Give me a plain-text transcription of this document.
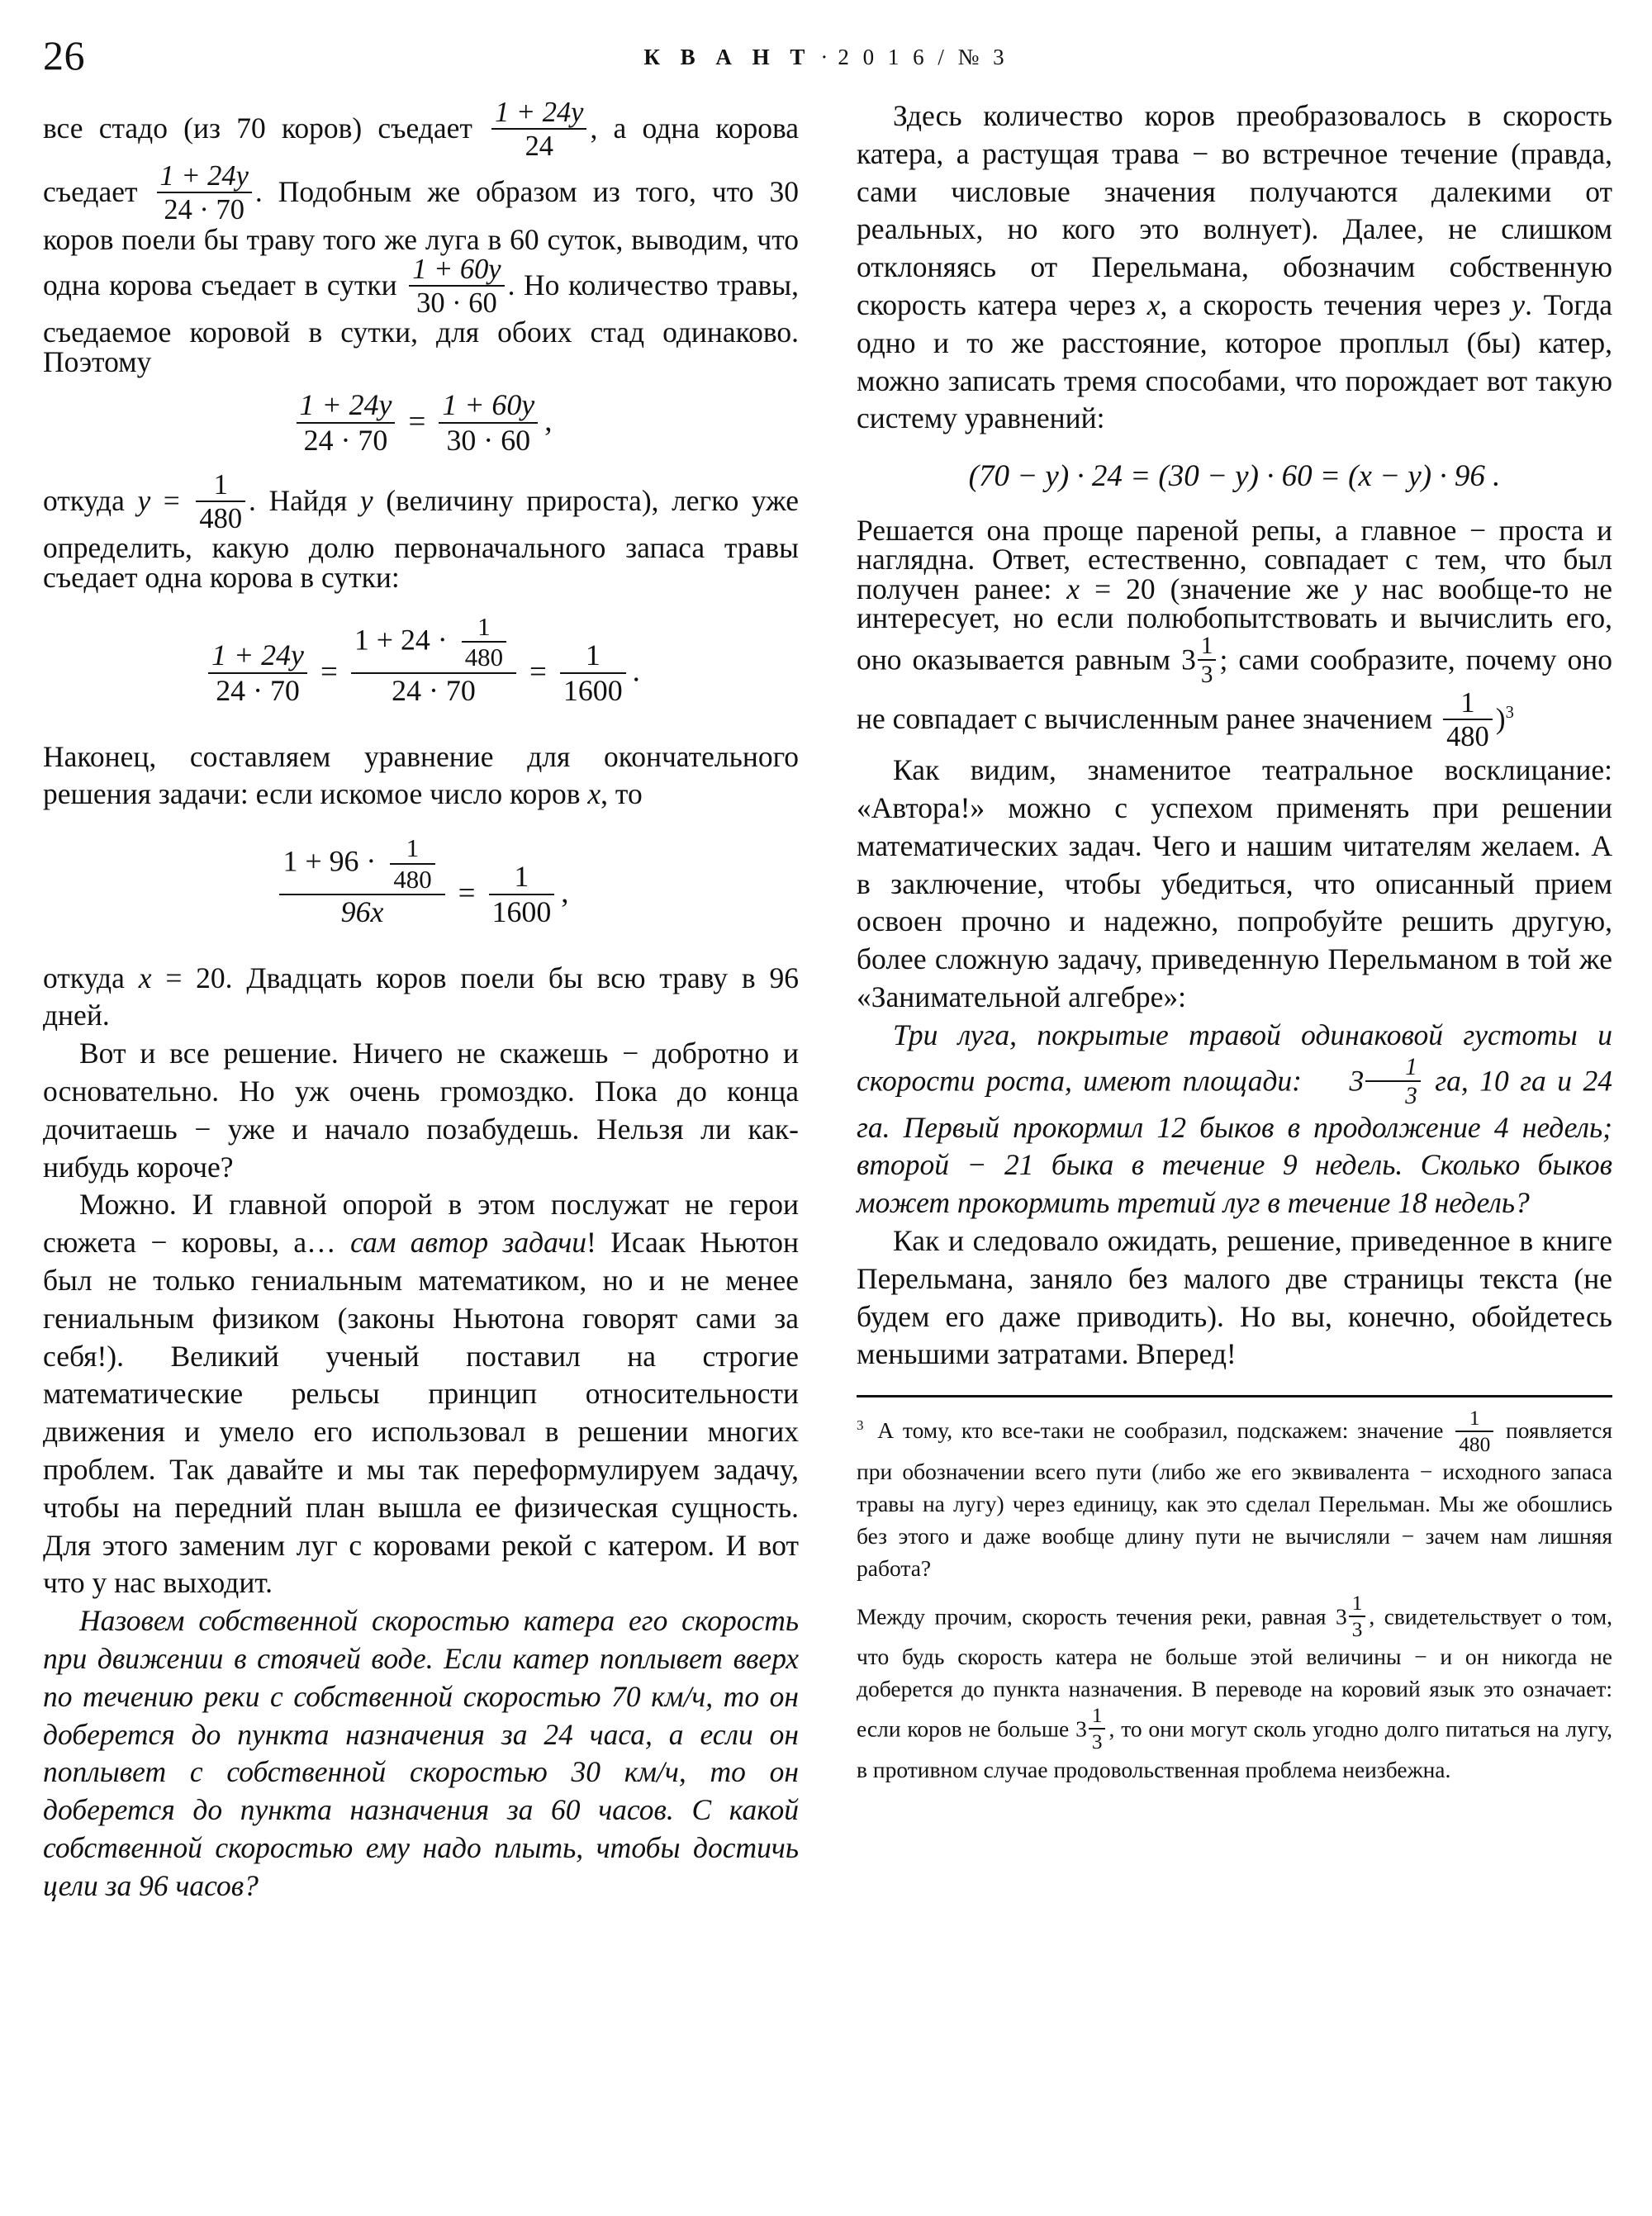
26	К В А Н Т · 2 0 1 6 / № 3

все стадо (из 70 коров) съедает $\frac{1 + 24y}{24}$ , а одна корова съедает $\frac{1 + 24y}{24 \cdot 70}$ . Подобным же образом из того, что 30 коров поели бы траву того же луга в 60 суток, выводим, что одна корова съедает в сутки $\frac{1 + 60y}{30 \cdot 60}$ . Но количество травы, съедаемое коровой в сутки, для обоих стад одинаково. Поэтому

$\frac{1 + 24y}{24 \cdot 70} = \frac{1 + 60y}{30 \cdot 60}$ ,

откуда $y = \frac{1}{480}$ . Найдя y (величину прироста), легко уже определить, какую долю первоначального запаса травы съедает одна корова в сутки:

$\frac{1 + 24y}{24 \cdot 70} = \frac{1 + 24 \cdot \frac{1}{480}}{24 \cdot 70} = \frac{1}{1600}$ .

Наконец, составляем уравнение для окончательного решения задачи: если искомое число коров x, то

$\frac{1 + 96 \cdot \frac{1}{480}}{96x} = \frac{1}{1600}$ ,

откуда x = 20. Двадцать коров поели бы всю траву в 96 дней.

Вот и все решение. Ничего не скажешь − добротно и основательно. Но уж очень громоздко. Пока до конца дочитаешь − уже и начало позабудешь. Нельзя ли как-нибудь короче?

Можно. И главной опорой в этом послужат не герои сюжета − коровы, а… сам автор задачи! Исаак Ньютон был не только гениальным математиком, но и не менее гениальным физиком (законы Ньютона говорят сами за себя!). Великий ученый поставил на строгие математические рельсы принцип относительности движения и умело его использовал в решении многих проблем. Так давайте и мы так переформулируем задачу, чтобы на передний план вышла ее физическая сущность. Для этого заменим луг с коровами рекой с катером. И вот что у нас выходит.

Назовем собственной скоростью катера его скорость при движении в стоячей воде. Если катер поплывет вверх по течению реки с собственной скоростью 70 км/ч, то он доберется до пункта назначения за 24 часа, а если он поплывет с собственной скоростью 30 км/ч, то он доберется до пункта назначения за 60 часов. С какой собственной скоростью ему надо плыть, чтобы достичь цели за 96 часов?

Здесь количество коров преобразовалось в скорость катера, а растущая трава − во встречное течение (правда, сами числовые значения получаются далекими от реальных, но кого это волнует). Далее, не слишком отклоняясь от Перельмана, обозначим собственную скорость катера через x, а скорость течения через y. Тогда одно и то же расстояние, которое проплыл (бы) катер, можно записать тремя способами, что порождает вот такую систему уравнений:

(70 − y) · 24 = (30 − y) · 60 = (x − y) · 96 .

Решается она проще пареной репы, а главное − проста и наглядна. Ответ, естественно, совпадает с тем, что был получен ранее: x = 20 (значение же y нас вообще-то не интересует, но если полюбопытствовать и вычислить его, оно оказывается равным $3 \frac{1}{3}$ ; сами сообразите, почему оно не совпадает с вычисленным ранее значением $\frac{1}{480} )^3$

Как видим, знаменитое театральное восклицание: «Автора!» можно с успехом применять при решении математических задач. Чего и нашим читателям желаем. А в заключение, чтобы убедиться, что описанный прием освоен прочно и надежно, попробуйте решить другую, более сложную задачу, приведенную Перельманом в той же «Занимательной алгебре»:

Три луга, покрытые травой одинаковой густоты и скорости роста, имеют площади: $3 \frac{1}{3}$ га, 10 га и 24 га. Первый прокормил 12 быков в продолжение 4 недель; второй − 21 быка в течение 9 недель. Сколько быков может прокормить третий луг в течение 18 недель?

Как и следовало ожидать, решение, приведенное в книге Перельмана, заняло без малого две страницы текста (не будем его даже приводить). Но вы, конечно, обойдетесь меньшими затратами. Вперед!

$^3$ А тому, кто все-таки не сообразил, подскажем: значение $\frac{1}{480}$ появляется при обозначении всего пути (либо же его эквивалента − исходного запаса травы на лугу) через единицу, как это сделал Перельман. Мы же обошлись без этого и даже вообще длину пути не вычисляли − зачем нам лишняя работа?

Между прочим, скорость течения реки, равная $3 \frac{1}{3}$ , свидетельствует о том, что будь скорость катера не больше этой величины − и он никогда не доберется до пункта назначения. В переводе на коровий язык это означает: если коров не больше $3 \frac{1}{3}$ , то они могут сколь угодно долго питаться на лугу, в противном случае продовольственная проблема неизбежна.
